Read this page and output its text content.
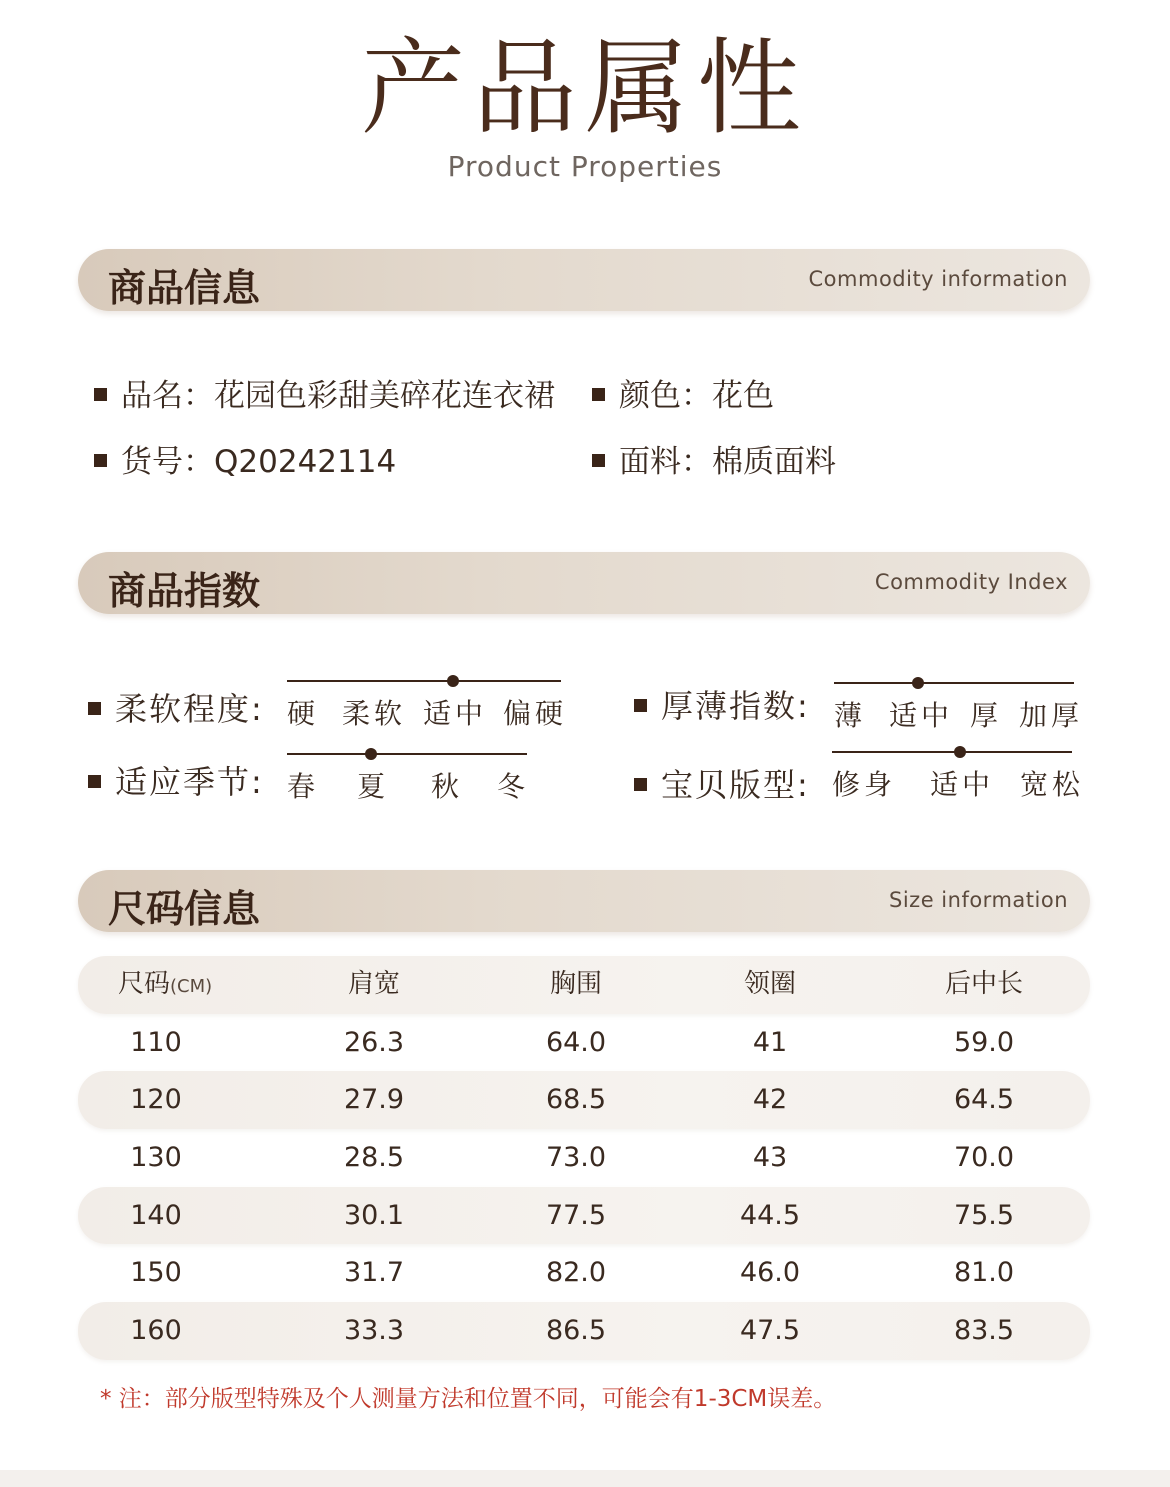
产品属性
Product Properties
商品信息	Commodity information
品名：花园色彩甜美碎花连衣裙	颜色：花色
货号：Q20242114	面料：棉质面料
商品指数	Commodity Index
柔软程度: 硬 柔软 适中 偏硬	厚薄指数: 薄 适中 厚 加厚
适应季节: 春 夏 秋 冬	宝贝版型: 修身 适中 宽松
尺码信息	Size information
尺码(CM)	肩宽	胸围	领圈	后中长
110	26.3	64.0	41	59.0
120	27.9	68.5	42	64.5
130	28.5	73.0	43	70.0
140	30.1	77.5	44.5	75.5
150	31.7	82.0	46.0	81.0
160	33.3	86.5	47.5	83.5
* 注：部分版型特殊及个人测量方法和位置不同，可能会有1-3CM误差。
